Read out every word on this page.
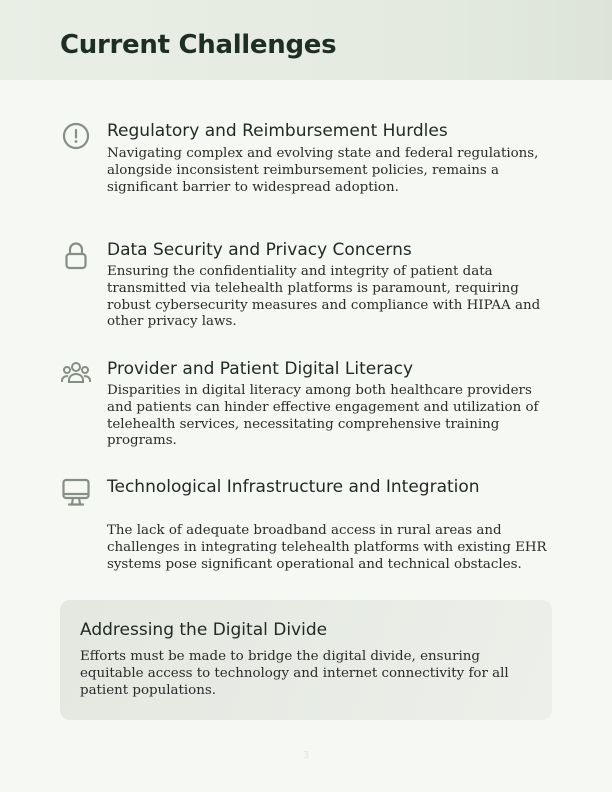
Current Challenges
Regulatory and Reimbursement Hurdles

Navigating complex and evolving state and federal regulations, alongside inconsistent reimbursement policies, remains a significant barrier to widespread adoption.

Data Security and Privacy Concerns

Ensuring the confidentiality and integrity of patient data transmitted via telehealth platforms is paramount, requiring robust cybersecurity measures and compliance with HIPAA and other privacy laws.

Provider and Patient Digital Literacy

Disparities in digital literacy among both healthcare providers and patients can hinder effective engagement and utilization of telehealth services, necessitating comprehensive training programs.

Technological Infrastructure and Integration

The lack of adequate broadband access in rural areas and challenges in integrating telehealth platforms with existing EHR systems pose significant operational and technical obstacles.

Addressing the Digital Divide

Efforts must be made to bridge the digital divide, ensuring equitable access to technology and internet connectivity for all patient populations.

3
